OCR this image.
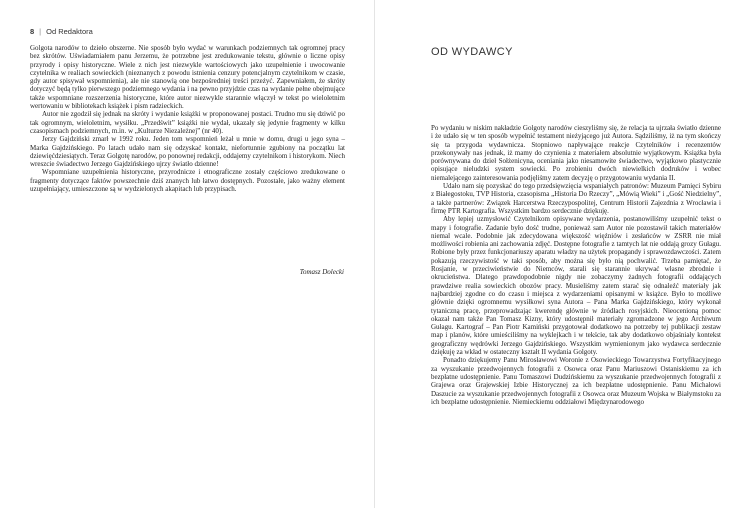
8 | Od Redaktora

Golgota narodów to dzieło obszerne. Nie sposób było wydać w warunkach podziemnych tak ogromnej pracy bez skrótów. Uświadamiałem panu Jerzemu, że potrzebne jest zredukowanie tekstu, głównie o liczne opisy przyrody i opisy historyczne. Wiele z nich jest niezwykle wartościowych jako uzupełnienie i uwocowanie czytelnika w realiach sowieckich (nieznanych z powodu istnienia cenzury potencjalnym czytelnikom w czasie, gdy autor spisywał wspomnienia), ale nie stanowią one bezpośredniej treści przeżyć. Zapewniałem, że skróty dotyczyć będą tylko pierwszego podziemnego wydania i na pewno przyjdzie czas na wydanie pełne obejmujące także wspomniane rozszerzenia historyczne, które autor niezwykle starannie włączył w tekst po wieloletnim wertowaniu w bibliotekach książek i pism radzieckich.

Autor nie zgodził się jednak na skróty i wydanie książki w proponowanej postaci. Trudno mu się dziwić po tak ogromnym, wieloletnim, wysiłku. „Przedświt” książki nie wydał, ukazały się jedynie fragmenty w kilku czasopismach podziemnych, m.in. w „Kulturze Niezależnej” (nr 40).

Jerzy Gajdziński zmarł w 1992 roku. Jeden tom wspomnień leżał u mnie w domu, drugi u jego syna – Marka Gajdzińskiego. Po latach udało nam się odzyskać kontakt, niefortunnie zgubiony na początku lat dziewięćdziesiątych. Teraz Golgotę narodów, po ponownej redakcji, oddajemy czytelnikom i historykom. Niech wreszcie świadectwo Jerzego Gajdzińskiego ujrzy światło dzienne!

Wspomniane uzupełnienia historyczne, przyrodnicze i etnograficzne zostały częściowo zredukowane o fragmenty dotyczące faktów powszechnie dziś znanych lub łatwo dostępnych. Pozostałe, jako ważny element uzupełniający, umieszczone są w wydzielonych akapitach lub przypisach.

Tomasz Dolecki
OD WYDAWCY

Po wydaniu w niskim nakładzie Golgoty narodów cieszyliśmy się, że relacja ta ujrzała światło dzienne i że udało się w ten sposób wypełnić testament nieżyjącego już Autora. Sądziliśmy, iż na tym skończy się ta przygoda wydawnicza. Stopniowo napływające reakcje Czytelników i recenzentów przekonywały nas jednak, iż mamy do czynienia z materiałem absolutnie wyjątkowym. Książka była porównywana do dzieł Sołżenicyna, oceniania jako niesamowite świadectwo, wyjątkowo plastycznie opisujące nieludzki system sowiecki. Po zrobieniu dwóch niewielkich dodruków i wobec niemalejącego zainteresowania podjęliśmy zatem decyzję o przygotowaniu wydania II.

Udało nam się pozyskać do tego przedsięwzięcia wspaniałych patronów: Muzeum Pamięci Sybiru z Białegostoku, TVP Historia, czasopisma „Historia Do Rzeczy”, „Mówią Wieki” i „Gość Niedzielny”, a także partnerów: Związek Harcerstwa Rzeczypospolitej, Centrum Historii Zajezdnia z Wrocławia i firmę PTR Kartografia. Wszystkim bardzo serdecznie dziękuję.

Aby lepiej uzmysłowić Czytelnikom opisywane wydarzenia, postanowiliśmy uzupełnić tekst o mapy i fotografie. Zadanie było dość trudne, ponieważ sam Autor nie pozostawił takich materiałów niemal wcale. Podobnie jak zdecydowana większość więźniów i zesłańców w ZSRR nie miał możliwości robienia ani zachowania zdjęć. Dostępne fotografie z tamtych lat nie oddają grozy Gułagu. Robione były przez funkcjonariuszy aparatu władzy na użytek propagandy i sprawozdawczości. Zatem pokazują rzeczywistość w taki sposób, aby można się było nią pochwalić. Trzeba pamiętać, że Rosjanie, w przeciwieństwie do Niemców, starali się starannie ukrywać własne zbrodnie i okrucieństwa. Dlatego prawdopodobnie nigdy nie zobaczymy żadnych fotografii oddających prawdziwe realia sowieckich obozów pracy. Musieliśmy zatem starać się odnaleźć materiały jak najbardziej zgodne co do czasu i miejsca z wydarzeniami opisanymi w książce. Było to możliwe głównie dzięki ogromnemu wysiłkowi syna Autora – Pana Marka Gajdzińskiego, który wykonał tytaniczną pracę, przeprowadzając kwerendę głównie w źródłach rosyjskich. Nieocenioną pomoc okazał nam także Pan Tomasz Kizny, który udostępnił materiały zgromadzone w jego Archiwum Gułagu. Kartograf – Pan Piotr Kamiński przygotował dodatkowo na potrzeby tej publikacji zestaw map i planów, które umieściliśmy na wyklejkach i w tekście, tak aby dodatkowo objaśniały kontekst geograficzny wędrówki Jerzego Gajdzińskiego. Wszystkim wymienionym jako wydawca serdecznie dziękuję za wkład w ostateczny kształt II wydania Golgoty.

Ponadto dziękujemy Panu Mirosławowi Woronie z Osowieckiego Towarzystwa Fortyfikacyjnego za wyszukanie przedwojennych fotografii z Osowca oraz Panu Mariuszowi Ostaniskiemu za ich bezpłatne udostępnienie. Panu Tomaszowi Dudzińskiemu za wyszukanie przedwojennych fotografii z Grajewa oraz Grajewskiej Izbie Historycznej za ich bezpłatne udostępnienie. Panu Michałowi Daszucie za wyszukanie przedwojennych fotografii z Osowca oraz Muzeum Wojska w Białymstoku za ich bezpłatne udostępnienie. Niemieckiemu oddziałowi Międzynarodowego
